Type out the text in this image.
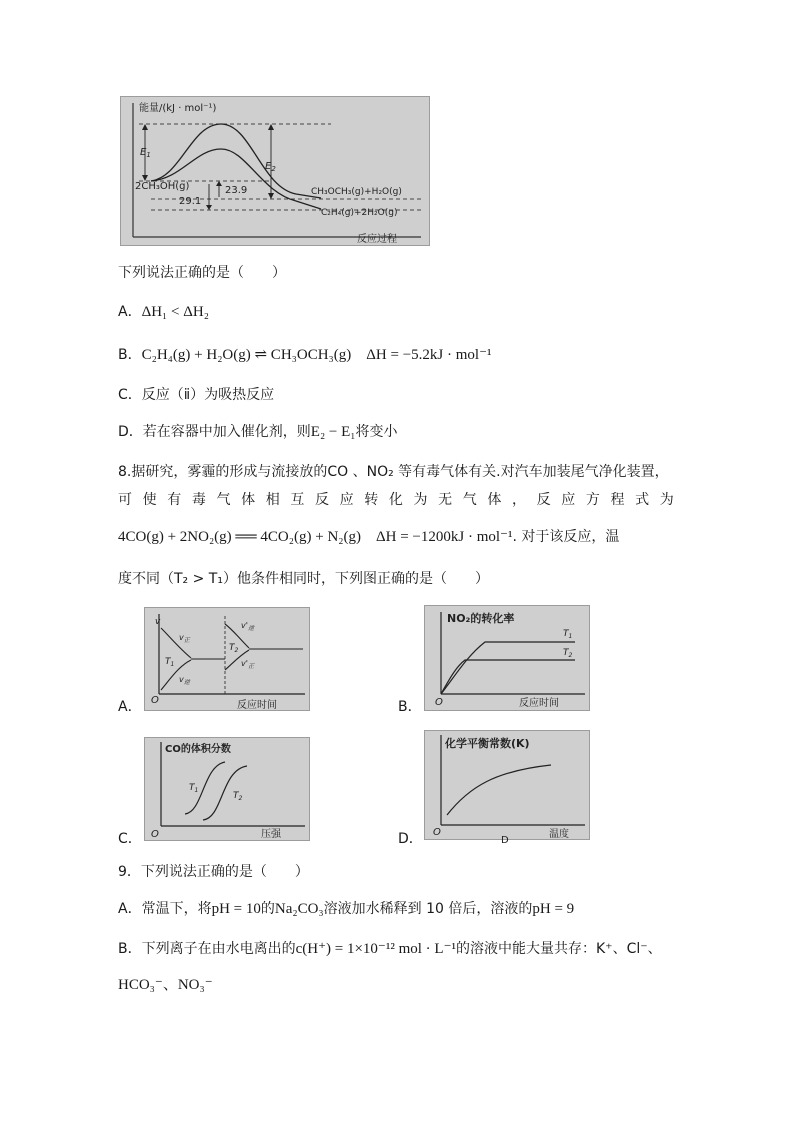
能量/(kJ · mol⁻¹)
反应过程
$E_1$
$E_2$
2CH₃OH(g)	CH₃OCH₃(g)+H₂O(g)
C₂H₄(g)+2H₂O(g)
23.9
29.1
下列说法正确的是（　　）
A．ΔH₁ < ΔH₂
B．C₂H₄(g) + H₂O(g) ⇌ CH₃OCH₃(g)　ΔH = −5.2kJ · mol⁻¹
C．反应（ⅱ）为吸热反应
D．若在容器中加入催化剂，则E₂ − E₁将变小
8.据研究，雾霾的形成与流接放的CO 、NO₂ 等有毒气体有关.对汽车加装尾气净化装置，
可 使 有 毒 气 体 相 互 反 应 转 化 为 无 气 体 ， 反 应 方 程 式 为
4CO(g) + 2NO₂(g) ══ 4CO₂(g) + N₂(g)　ΔH = −1200kJ · mol⁻¹. 对于该反应，温
度不同（T₂ > T₁）他条件相同时，下列图正确的是（　　）
A．	B．
C．	D．
v
O	反应时间
$T_1$
$T_2$
$v_正$
$v_逆$
$v'_逆$
$v'_正$
NO₂的转化率
O	反应时间
$T_1$
$T_2$
CO的体积分数
O	压强
$T_1$
$T_2$
化学平衡常数(K)
O	温度
D
9．下列说法正确的是（　　）
A．常温下，将pH = 10的Na₂CO₃溶液加水稀释到 10 倍后，溶液的pH = 9
B．下列离子在由水电离出的c(H⁺) = 1×10⁻¹² mol · L⁻¹的溶液中能大量共存：K⁺、Cl⁻、
HCO₃⁻、NO₃⁻
